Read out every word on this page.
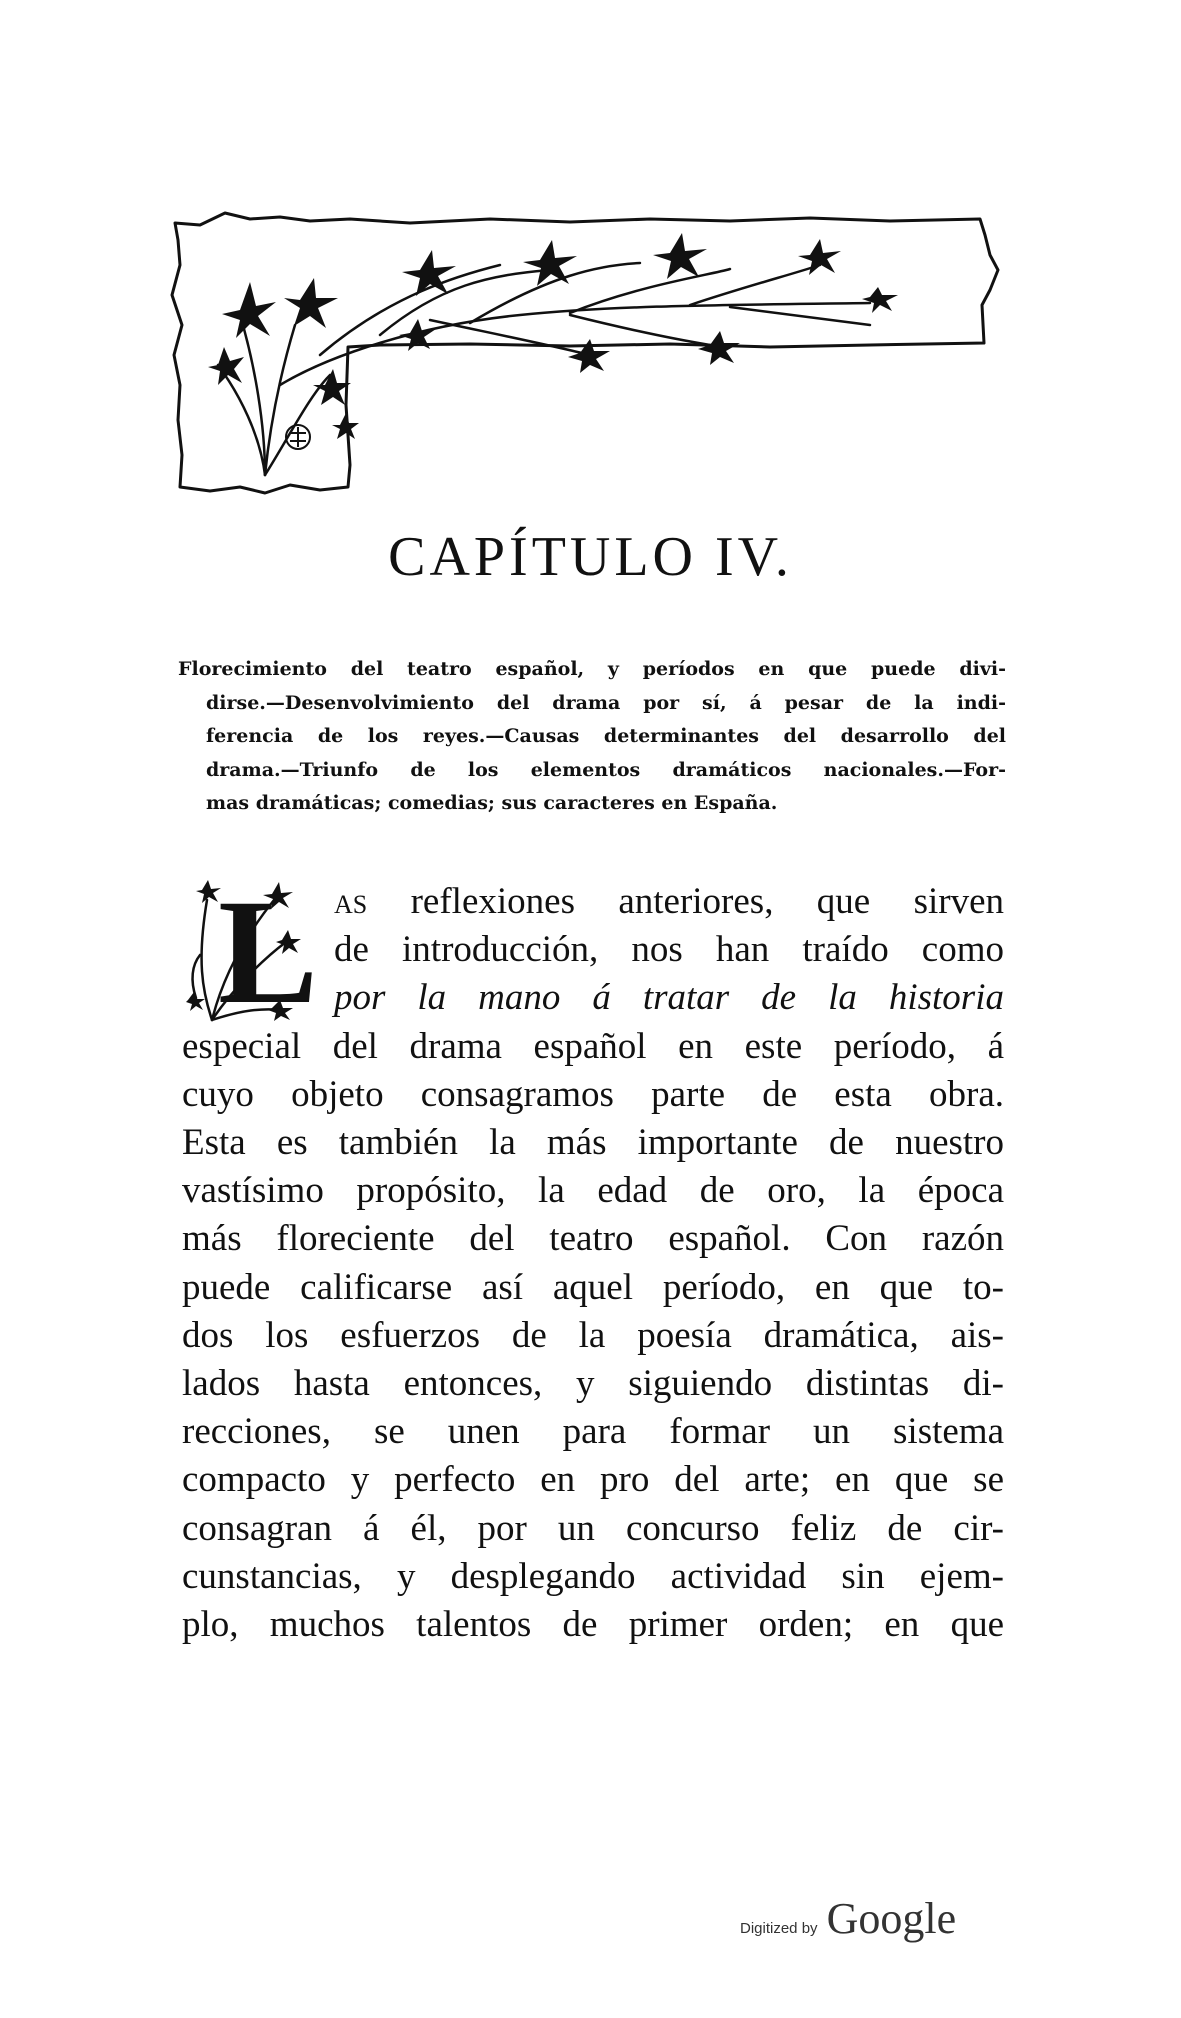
CAPÍTULO IV.
Florecimiento del teatro español, y períodos en que puede divi-
dirse.—Desenvolvimiento del drama por sí, á pesar de la indi-
ferencia de los reyes.—Causas determinantes del desarrollo del
drama.—Triunfo de los elementos dramáticos nacionales.—For-
mas dramáticas; comedias; sus caracteres en España.
L as reflexiones anteriores, que sirven
de introducción, nos han traído como
por la mano á tratar de la historia
especial del drama español en este período, á
cuyo objeto consagramos parte de esta obra.
Esta es también la más importante de nuestro
vastísimo propósito, la edad de oro, la época
más floreciente del teatro español. Con razón
puede calificarse así aquel período, en que to-
dos los esfuerzos de la poesía dramática, ais-
lados hasta entonces, y siguiendo distintas di-
recciones, se unen para formar un sistema
compacto y perfecto en pro del arte; en que se
consagran á él, por un concurso feliz de cir-
cunstancias, y desplegando actividad sin ejem-
plo, muchos talentos de primer orden; en que
Digitized by Google
